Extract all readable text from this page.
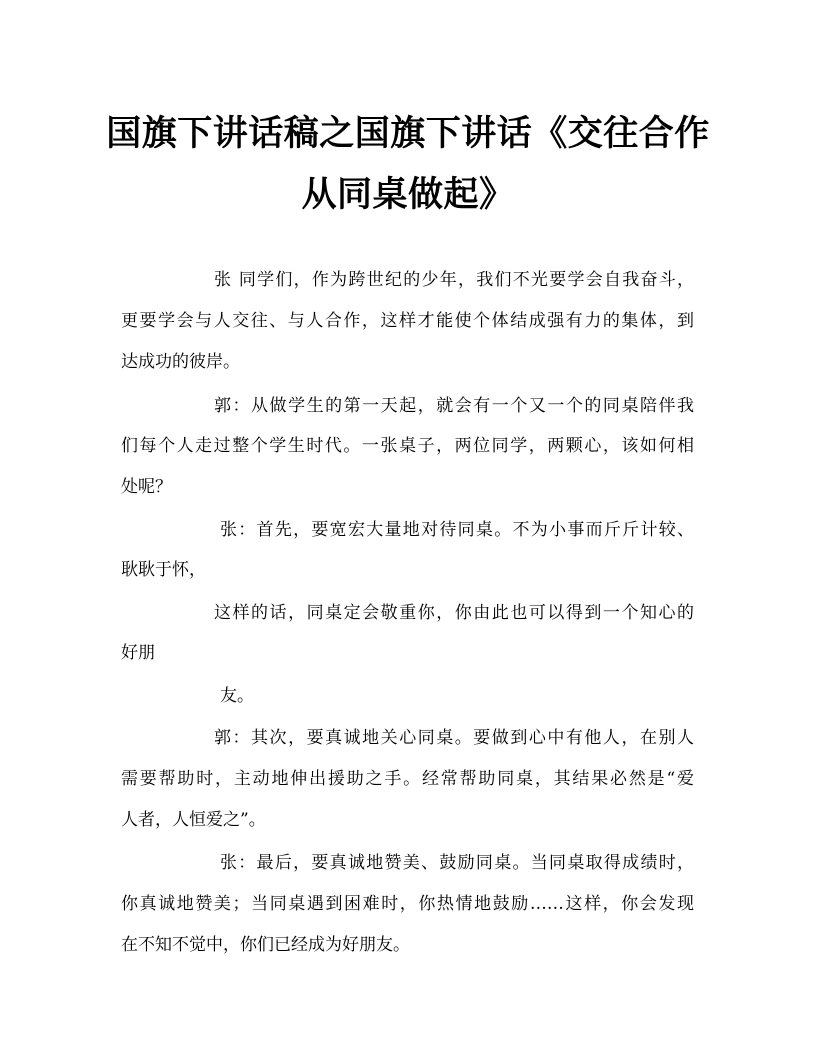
国旗下讲话稿之国旗下讲话《交往合作
从同桌做起》
张 同学们，作为跨世纪的少年，我们不光要学会自我奋斗，
更要学会与人交往、与人合作，这样才能使个体结成强有力的集体，到
达成功的彼岸。
郭：从做学生的第一天起，就会有一个又一个的同桌陪伴我
们每个人走过整个学生时代。一张桌子，两位同学，两颗心，该如何相
处呢？
张：首先，要宽宏大量地对待同桌。不为小事而斤斤计较、
耿耿于怀，
这样的话，同桌定会敬重你，你由此也可以得到一个知心的
好朋
友。
郭：其次，要真诚地关心同桌。要做到心中有他人，在别人
需要帮助时，主动地伸出援助之手。经常帮助同桌，其结果必然是“爱
人者，人恒爱之”。
张：最后，要真诚地赞美、鼓励同桌。当同桌取得成绩时，
你真诚地赞美；当同桌遇到困难时，你热情地鼓励……这样，你会发现
在不知不觉中，你们已经成为好朋友。
